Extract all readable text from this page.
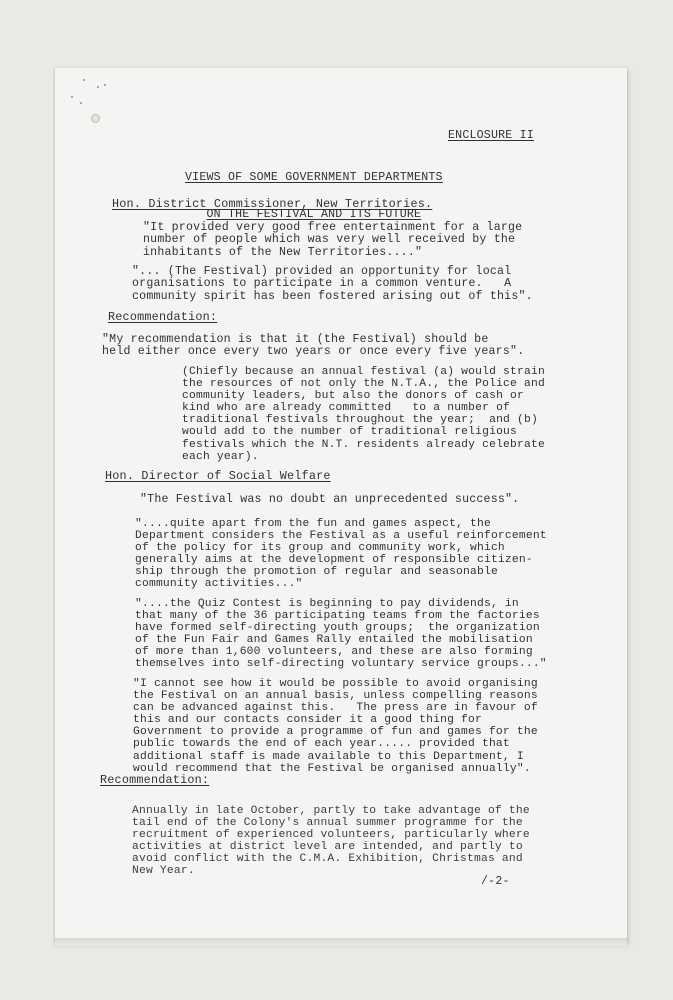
ENCLOSURE II

VIEWS OF SOME GOVERNMENT DEPARTMENTS

ON THE FESTIVAL AND ITS FUTURE

Hon. District Commissioner, New Territories.
"It provided very good free entertainment for a large
number of people which was very well received by the
inhabitants of the New Territories...."
"... (The Festival) provided an opportunity for local
organisations to participate in a common venture.   A
community spirit has been fostered arising out of this".
Recommendation:
"My recommendation is that it (the Festival) should be
held either once every two years or once every five years".
(Chiefly because an annual festival (a) would strain
the resources of not only the N.T.A., the Police and
community leaders, but also the donors of cash or
kind who are already committed   to a number of
traditional festivals throughout the year;  and (b)
would add to the number of traditional religious
festivals which the N.T. residents already celebrate
each year).
Hon. Director of Social Welfare
"The Festival was no doubt an unprecedented success".
"....quite apart from the fun and games aspect, the
Department considers the Festival as a useful reinforcement
of the policy for its group and community work, which
generally aims at the development of responsible citizen-
ship through the promotion of regular and seasonable
community activities..."
"....the Quiz Contest is beginning to pay dividends, in
that many of the 36 participating teams from the factories
have formed self-directing youth groups;  the organization
of the Fun Fair and Games Rally entailed the mobilisation
of more than 1,600 volunteers, and these are also forming
themselves into self-directing voluntary service groups..."
"I cannot see how it would be possible to avoid organising
the Festival on an annual basis, unless compelling reasons
can be advanced against this.   The press are in favour of
this and our contacts consider it a good thing for
Government to provide a programme of fun and games for the
public towards the end of each year..... provided that
additional staff is made available to this Department, I
would recommend that the Festival be organised annually".
Recommendation:
Annually in late October, partly to take advantage of the
tail end of the Colony's annual summer programme for the
recruitment of experienced volunteers, particularly where
activities at district level are intended, and partly to
avoid conflict with the C.M.A. Exhibition, Christmas and
New Year.
/-2-
